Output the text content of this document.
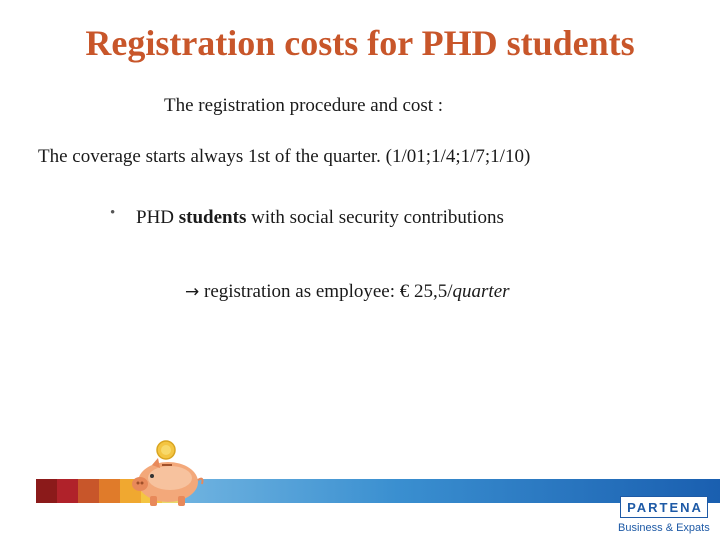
Registration costs for PHD students
The registration procedure and cost :
The coverage starts always 1st of the quarter. (1/01;1/4;1/7;1/10)
• PHD students with social security contributions
→ registration as employee: € 25,5/quarter
PARTENA
Business & Expats
